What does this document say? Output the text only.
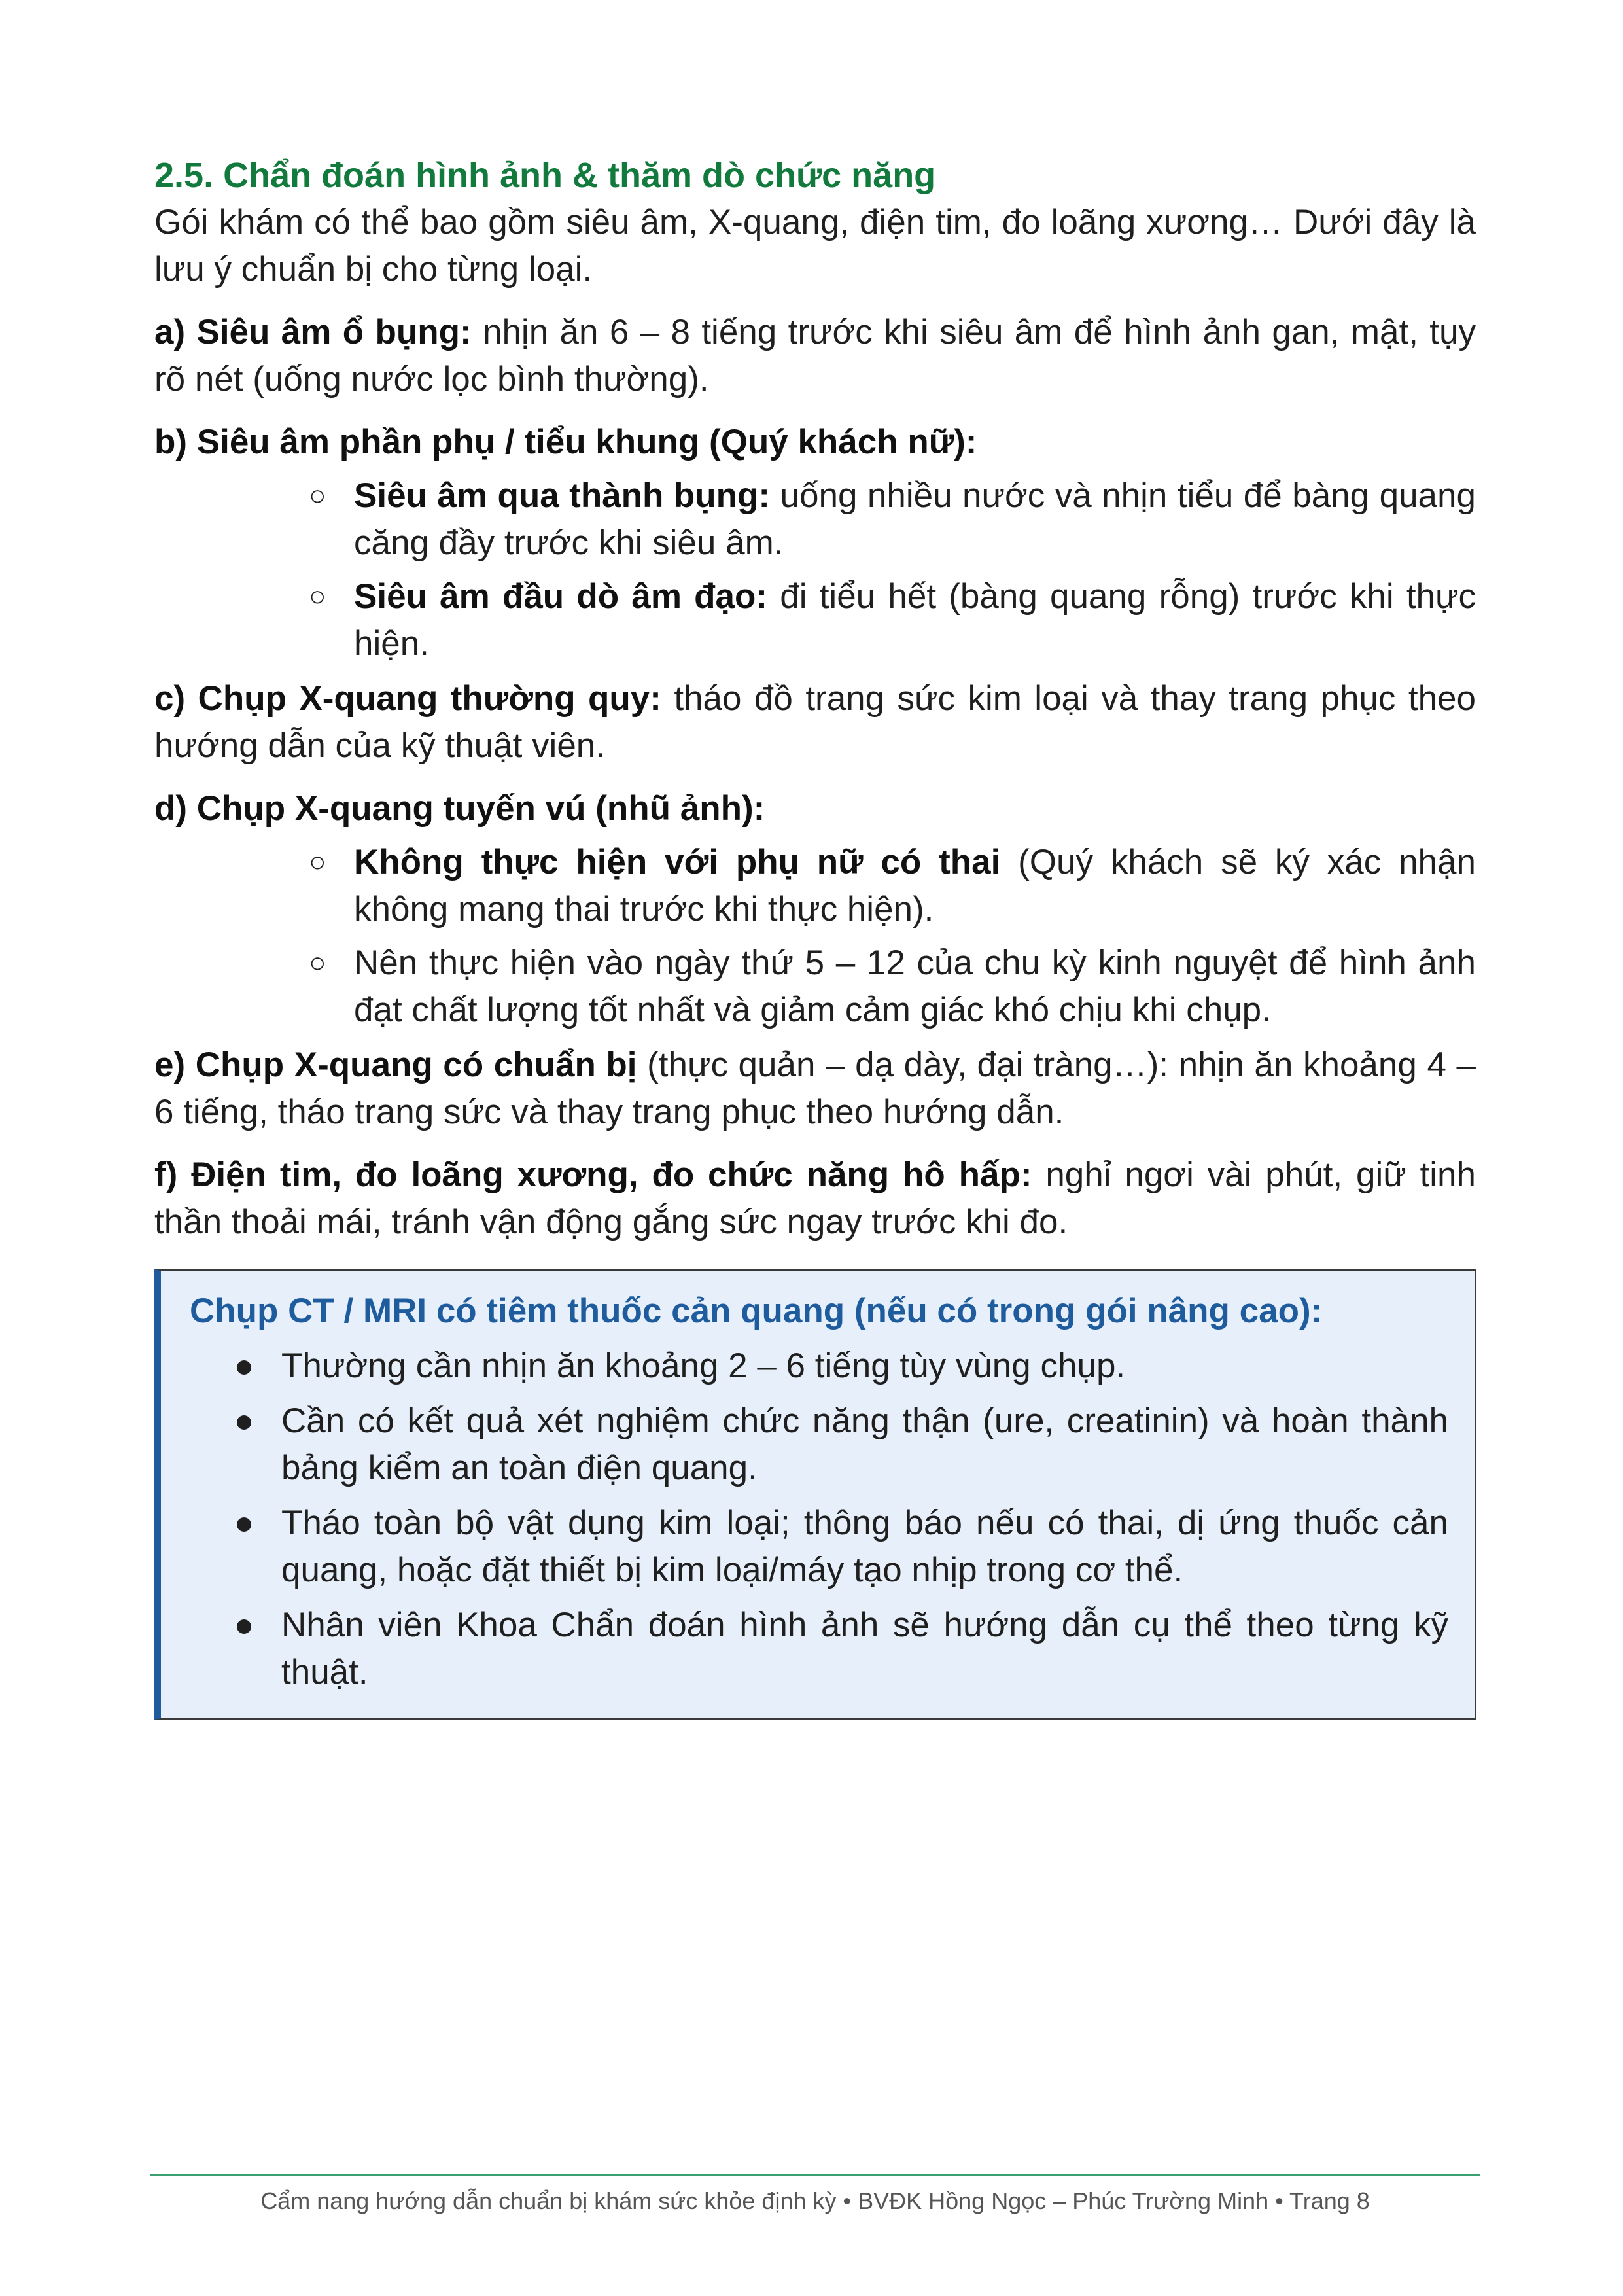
2.5. Chẩn đoán hình ảnh & thăm dò chức năng

Gói khám có thể bao gồm siêu âm, X-quang, điện tim, đo loãng xương… Dưới đây là lưu ý chuẩn bị cho từng loại.

a) Siêu âm ổ bụng: nhịn ăn 6 – 8 tiếng trước khi siêu âm để hình ảnh gan, mật, tụy rõ nét (uống nước lọc bình thường).

b) Siêu âm phần phụ / tiểu khung (Quý khách nữ):

○ Siêu âm qua thành bụng: uống nhiều nước và nhịn tiểu để bàng quang căng đầy trước khi siêu âm.
○ Siêu âm đầu dò âm đạo: đi tiểu hết (bàng quang rỗng) trước khi thực hiện.

c) Chụp X-quang thường quy: tháo đồ trang sức kim loại và thay trang phục theo hướng dẫn của kỹ thuật viên.

d) Chụp X-quang tuyến vú (nhũ ảnh):

○ Không thực hiện với phụ nữ có thai (Quý khách sẽ ký xác nhận không mang thai trước khi thực hiện).
○ Nên thực hiện vào ngày thứ 5 – 12 của chu kỳ kinh nguyệt để hình ảnh đạt chất lượng tốt nhất và giảm cảm giác khó chịu khi chụp.

e) Chụp X-quang có chuẩn bị (thực quản – dạ dày, đại tràng…): nhịn ăn khoảng 4 – 6 tiếng, tháo trang sức và thay trang phục theo hướng dẫn.

f) Điện tim, đo loãng xương, đo chức năng hô hấp: nghỉ ngơi vài phút, giữ tinh thần thoải mái, tránh vận động gắng sức ngay trước khi đo.

Chụp CT / MRI có tiêm thuốc cản quang (nếu có trong gói nâng cao):

Thường cần nhịn ăn khoảng 2 – 6 tiếng tùy vùng chụp.
Cần có kết quả xét nghiệm chức năng thận (ure, creatinin) và hoàn thành bảng kiểm an toàn điện quang.
Tháo toàn bộ vật dụng kim loại; thông báo nếu có thai, dị ứng thuốc cản quang, hoặc đặt thiết bị kim loại/máy tạo nhịp trong cơ thể.
Nhân viên Khoa Chẩn đoán hình ảnh sẽ hướng dẫn cụ thể theo từng kỹ thuật.
Cẩm nang hướng dẫn chuẩn bị khám sức khỏe định kỳ • BVĐK Hồng Ngọc – Phúc Trường Minh • Trang 8
